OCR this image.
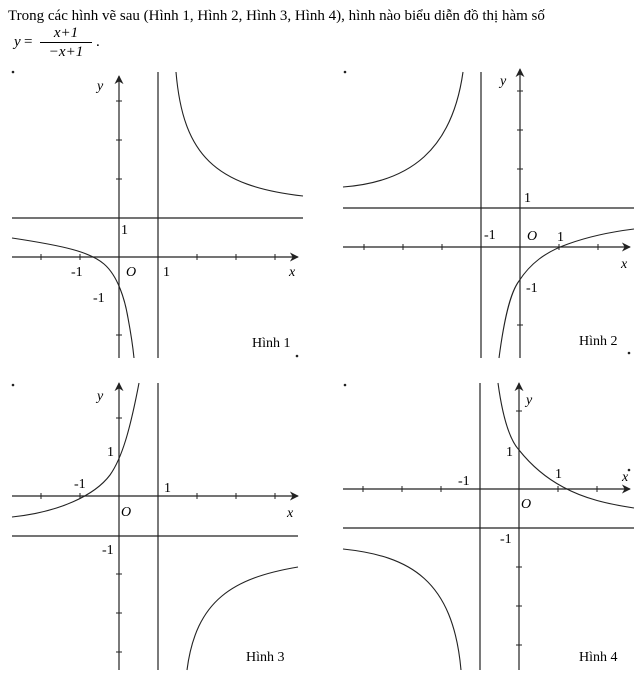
Trong các hình vẽ sau (Hình 1, Hình 2, Hình 3, Hình 4), hình nào biểu diễn đồ thị hàm số
y =
x+1
−x+1
.
y
x
O
1
-1	1
-1
Hình 1
y
x
O
1
-1	1
-1
Hình 2
y
x
O
1
-1	1
-1
Hình 3
y
x
O
1
-1	1
-1
Hình 4
